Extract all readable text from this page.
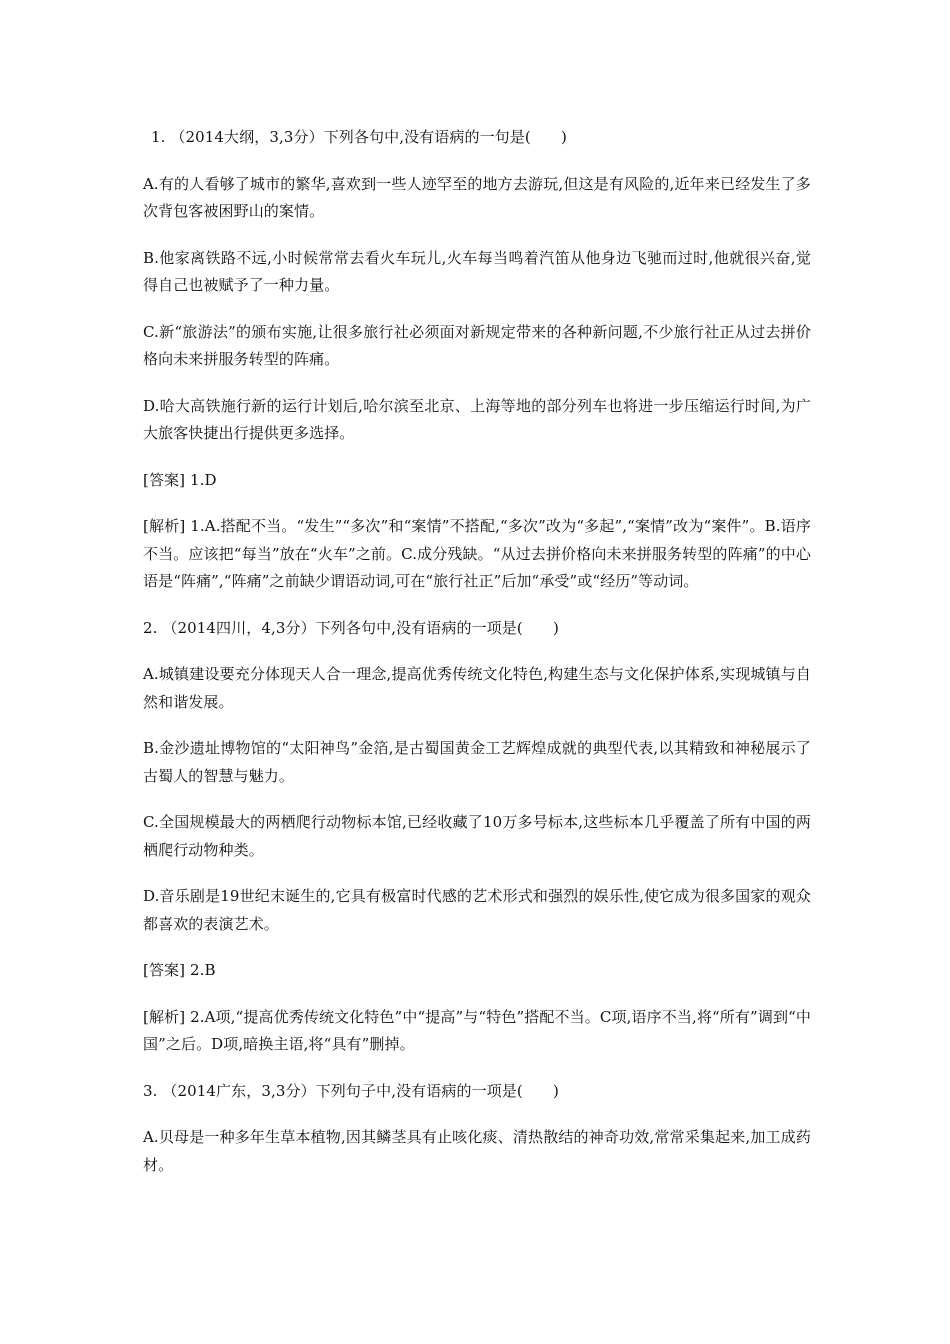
1. （2014大纲，3,3分）下列各句中,没有语病的一句是(　　)

A.有的人看够了城市的繁华,喜欢到一些人迹罕至的地方去游玩,但这是有风险的,近年来已经发生了多次背包客被困野山的案情。

B.他家离铁路不远,小时候常常去看火车玩儿,火车每当鸣着汽笛从他身边飞驰而过时,他就很兴奋,觉得自己也被赋予了一种力量。

C.新“旅游法”的颁布实施,让很多旅行社必须面对新规定带来的各种新问题,不少旅行社正从过去拼价格向未来拼服务转型的阵痛。

D.哈大高铁施行新的运行计划后,哈尔滨至北京、上海等地的部分列车也将进一步压缩运行时间,为广大旅客快捷出行提供更多选择。

[答案] 1.D

[解析] 1.A.搭配不当。“发生”“多次”和“案情”不搭配,“多次”改为“多起”,“案情”改为“案件”。B.语序不当。应该把“每当”放在“火车”之前。C.成分残缺。“从过去拼价格向未来拼服务转型的阵痛”的中心语是“阵痛”,“阵痛”之前缺少谓语动词,可在“旅行社正”后加“承受”或“经历”等动词。

2. （2014四川，4,3分）下列各句中,没有语病的一项是(　　)

A.城镇建设要充分体现天人合一理念,提高优秀传统文化特色,构建生态与文化保护体系,实现城镇与自然和谐发展。

B.金沙遗址博物馆的“太阳神鸟”金箔,是古蜀国黄金工艺辉煌成就的典型代表,以其精致和神秘展示了古蜀人的智慧与魅力。

C.全国规模最大的两栖爬行动物标本馆,已经收藏了10万多号标本,这些标本几乎覆盖了所有中国的两栖爬行动物种类。

D.音乐剧是19世纪末诞生的,它具有极富时代感的艺术形式和强烈的娱乐性,使它成为很多国家的观众都喜欢的表演艺术。

[答案] 2.B

[解析] 2.A项,“提高优秀传统文化特色”中“提高”与“特色”搭配不当。C项,语序不当,将“所有”调到“中国”之后。D项,暗换主语,将“具有”删掉。

3. （2014广东，3,3分）下列句子中,没有语病的一项是(　　)

A.贝母是一种多年生草本植物,因其鳞茎具有止咳化痰、清热散结的神奇功效,常常采集起来,加工成药材。
